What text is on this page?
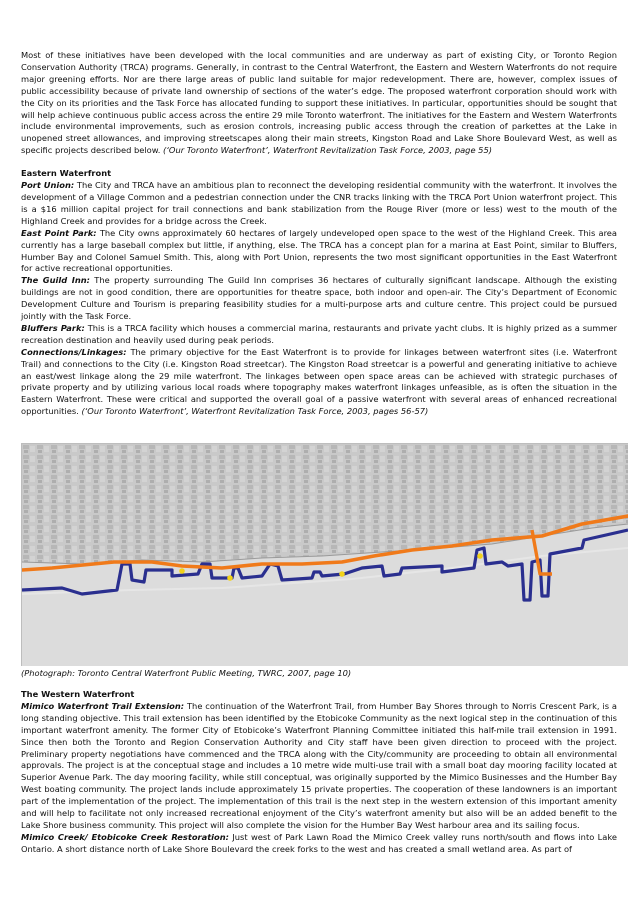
Most of these initiatives have been developed with the local communities and are underway as part of existing City, or Toronto Region Conservation Authority (TRCA) programs. Generally, in contrast to the Central Waterfront, the Eastern and Western Waterfronts do not require major greening efforts. Nor are there large areas of public land suitable for major redevelopment. There are, however, complex issues of public accessibility because of private land ownership of sections of the water’s edge. The proposed waterfront corporation should work with the City on its priorities and the Task Force has allocated funding to support these initiatives. In particular, opportunities should be sought that will help achieve continuous public access across the entire 29 mile Toronto waterfront. The initiatives for the Eastern and Western Waterfronts include environmental improvements, such as erosion controls, increasing public access through the creation of parkettes at the Lake in unopened street allowances, and improving streetscapes along their main streets, Kingston Road and Lake Shore Boulevard West, as well as specific projects described below. (‘Our Toronto Waterfront’, Waterfront Revitalization Task Force, 2003, page 55)

Eastern Waterfront

Port Union: The City and TRCA have an ambitious plan to reconnect the developing residential community with the waterfront. It involves the development of a Village Common and a pedestrian connection under the CNR tracks linking with the TRCA Port Union waterfront project. This is a $16 million capital project for trail connections and bank stabilization from the Rouge River (more or less) west to the mouth of the Highland Creek and provides for a bridge across the Creek.

East Point Park: The City owns approximately 60 hectares of largely undeveloped open space to the west of the Highland Creek. This area currently has a large baseball complex but little, if anything, else. The TRCA has a concept plan for a marina at East Point, similar to Bluffers, Humber Bay and Colonel Samuel Smith. This, along with Port Union, represents the two most significant opportunities in the East Waterfront for active recreational opportunities.

The Guild Inn: The property surrounding The Guild Inn comprises 36 hectares of culturally significant landscape. Although the existing buildings are not in good condition, there are opportunities for theatre space, both indoor and open-air. The City’s Department of Economic Development Culture and Tourism is preparing feasibility studies for a multi-purpose arts and culture centre. This project could be pursued jointly with the Task Force.

Bluffers Park: This is a TRCA facility which houses a commercial marina, restaurants and private yacht clubs. It is highly prized as a summer recreation destination and heavily used during peak periods.

Connections/Linkages: The primary objective for the East Waterfront is to provide for linkages between waterfront sites (i.e. Waterfront Trail) and connections to the City (i.e. Kingston Road streetcar). The Kingston Road streetcar is a powerful and generating initiative to achieve an east/west linkage along the 29 mile waterfront. The linkages between open space areas can be achieved with strategic purchases of private property and by utilizing various local roads where topography makes waterfront linkages unfeasible, as is often the situation in the Eastern Waterfront. These were critical and supported the overall goal of a passive waterfront with several areas of enhanced recreational opportunities. (‘Our Toronto Waterfront’, Waterfront Revitalization Task Force, 2003, pages 56-57)

(Photograph: Toronto Central Waterfront Public Meeting, TWRC, 2007, page 10)
The Western Waterfront

Mimico Waterfront Trail Extension: The continuation of the Waterfront Trail, from Humber Bay Shores through to Norris Crescent Park, is a long standing objective. This trail extension has been identified by the Etobicoke Community as the next logical step in the continuation of this important waterfront amenity. The former City of Etobicoke’s Waterfront Planning Committee initiated this half-mile trail extension in 1991. Since then both the Toronto and Region Conservation Authority and City staff have been given direction to proceed with the project. Preliminary property negotiations have commenced and the TRCA along with the City/community are proceeding to obtain all environmental approvals. The project is at the conceptual stage and includes a 10 metre wide multi-use trail with a small boat day mooring facility located at Superior Avenue Park. The day mooring facility, while still conceptual, was originally supported by the Mimico Businesses and the Humber Bay West boating community. The project lands include approximately 15 private properties. The cooperation of these landowners is an important part of the implementation of the project. The implementation of this trail is the next step in the western extension of this important amenity and will help to facilitate not only increased recreational enjoyment of the City’s waterfront amenity but also will be an added benefit to the Lake Shore business community. This project will also complete the vision for the Humber Bay West harbour area and its sailing focus.

Mimico Creek/ Etobicoke Creek Restoration: Just west of Park Lawn Road the Mimico Creek valley runs north/south and flows into Lake Ontario. A short distance north of Lake Shore Boulevard the creek forks to the west and has created a small wetland area. As part of
